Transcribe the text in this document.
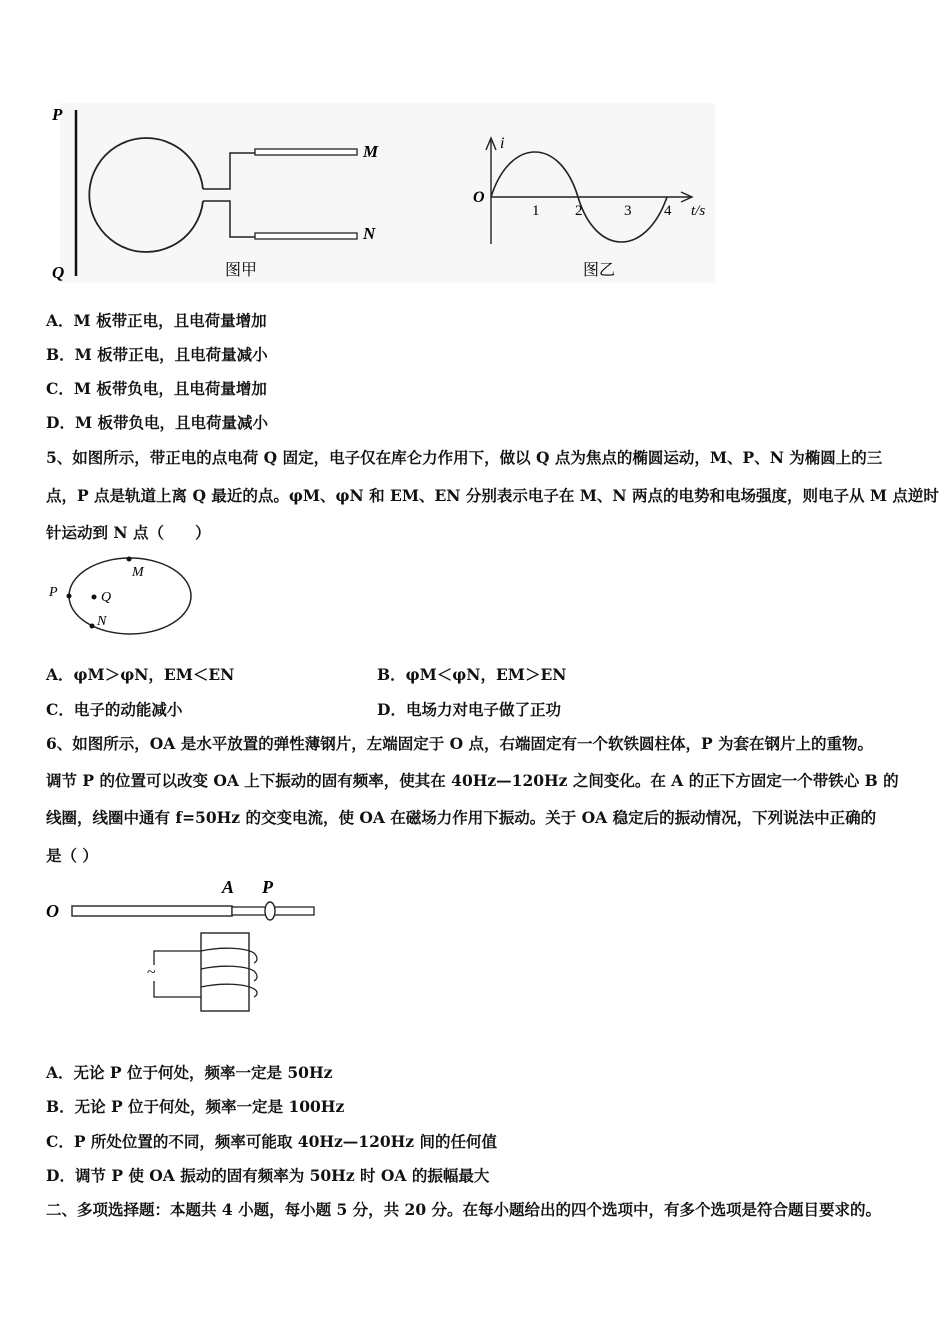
P
Q
M
N
图甲
i
O
1 2	3 4 t/s
图乙
A．M 板带正电，且电荷量增加
B．M 板带正电，且电荷量减小
C．M 板带负电，且电荷量增加
D．M 板带负电，且电荷量减小
5、如图所示，带正电的点电荷 Q 固定，电子仅在库仑力作用下，做以 Q 点为焦点的椭圆运动，M、P、N 为椭圆上的三
点，P 点是轨道上离 Q 最近的点。φM、φN 和 EM、EN 分别表示电子在 M、N 两点的电势和电场强度，则电子从 M 点逆时
针运动到 N 点（　　）
P	Q
M
N
A．φM＞φN，EM＜EN	B．φM＜φN，EM＞EN
C．电子的动能减小	D．电场力对电子做了正功
6、如图所示，OA 是水平放置的弹性薄钢片，左端固定于 O 点，右端固定有一个软铁圆柱体，P 为套在钢片上的重物。
调节 P 的位置可以改变 OA 上下振动的固有频率，使其在 40Hz—120Hz 之间变化。在 A 的正下方固定一个带铁心 B 的
线圈，线圈中通有 f=50Hz 的交变电流，使 OA 在磁场力作用下振动。关于 OA 稳定后的振动情况，下列说法中正确的
是（ ）
O
A P
~
A．无论 P 位于何处，频率一定是 50Hz
B．无论 P 位于何处，频率一定是 100Hz
C．P 所处位置的不同，频率可能取 40Hz—120Hz 间的任何值
D．调节 P 使 OA 振动的固有频率为 50Hz 时 OA 的振幅最大
二、多项选择题：本题共 4 小题，每小题 5 分，共 20 分。在每小题给出的四个选项中，有多个选项是符合题目要求的。
